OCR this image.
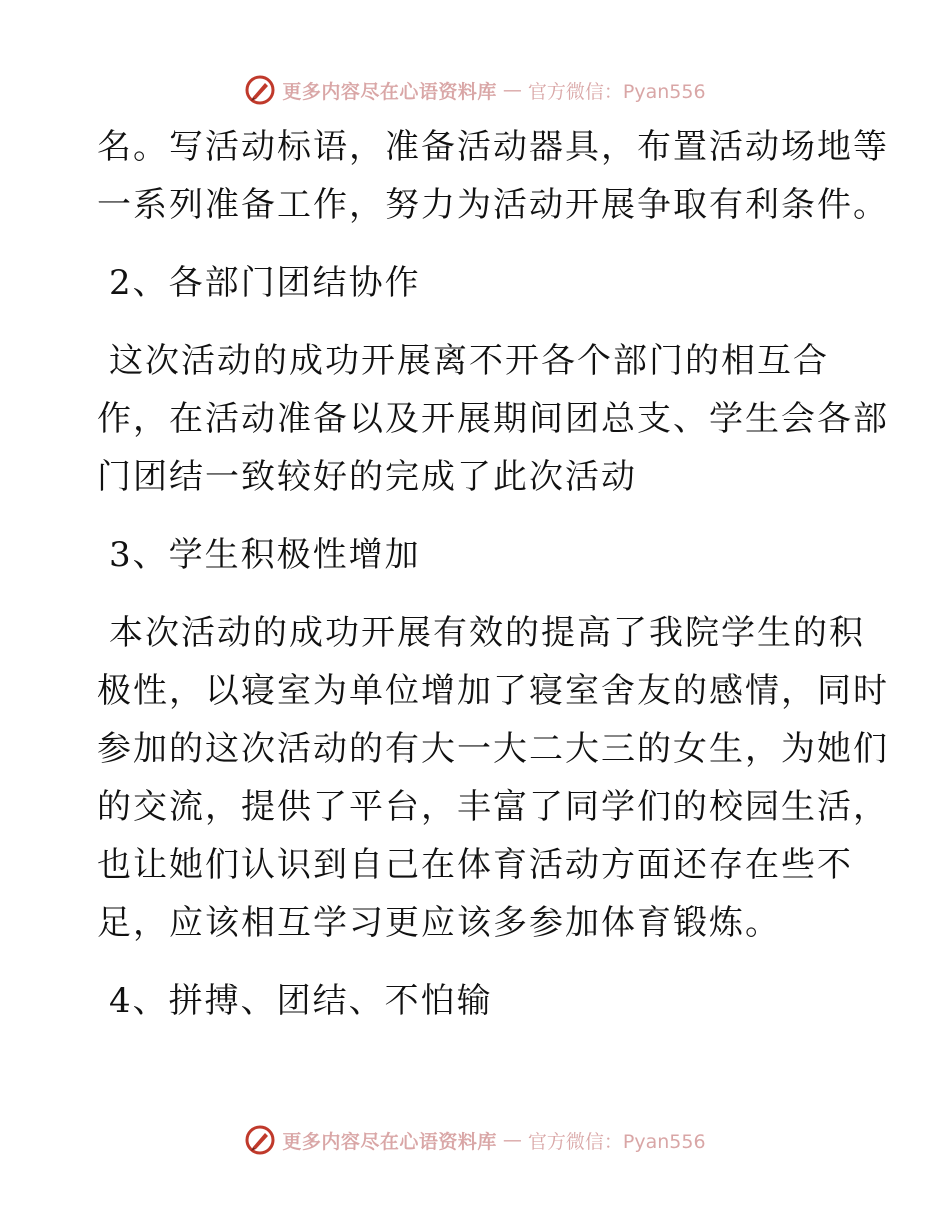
更多内容尽在心语资料库 — 官方微信：Pyan556
名。写活动标语，准备活动器具，布置活动场地等
一系列准备工作，努力为活动开展争取有利条件。
2、各部门团结协作
这次活动的成功开展离不开各个部门的相互合
作，在活动准备以及开展期间团总支、学生会各部
门团结一致较好的完成了此次活动
3、学生积极性增加
本次活动的成功开展有效的提高了我院学生的积
极性，以寝室为单位增加了寝室舍友的感情，同时
参加的这次活动的有大一大二大三的女生，为她们
的交流，提供了平台，丰富了同学们的校园生活，
也让她们认识到自己在体育活动方面还存在些不
足，应该相互学习更应该多参加体育锻炼。
4、拼搏、团结、不怕输
更多内容尽在心语资料库 — 官方微信：Pyan556
